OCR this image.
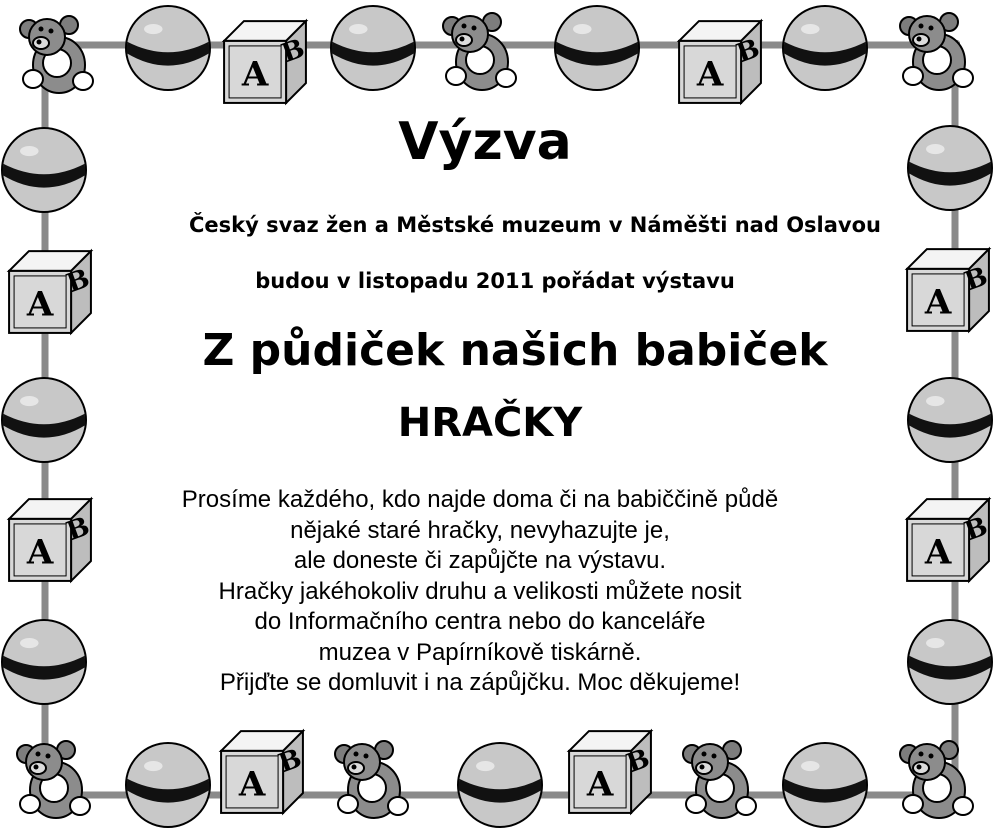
A
B
A
B
A
B
A
B
A
B
A
B
A
B
A
B
Výzva
Český svaz žen a Městské muzeum v Náměšti nad Oslavou
budou v listopadu 2011 pořádat výstavu
Z půdiček našich babiček
HRAČKY
Prosíme každého, kdo najde doma či na babiččině půdě
nějaké staré hračky, nevyhazujte je,
ale doneste či zapůjčte na výstavu.
Hračky jakéhokoliv druhu a velikosti můžete nosit
do Informačního centra nebo do kanceláře
muzea v Papírníkově tiskárně.
Přijďte se domluvit i na zápůjčku. Moc děkujeme!
